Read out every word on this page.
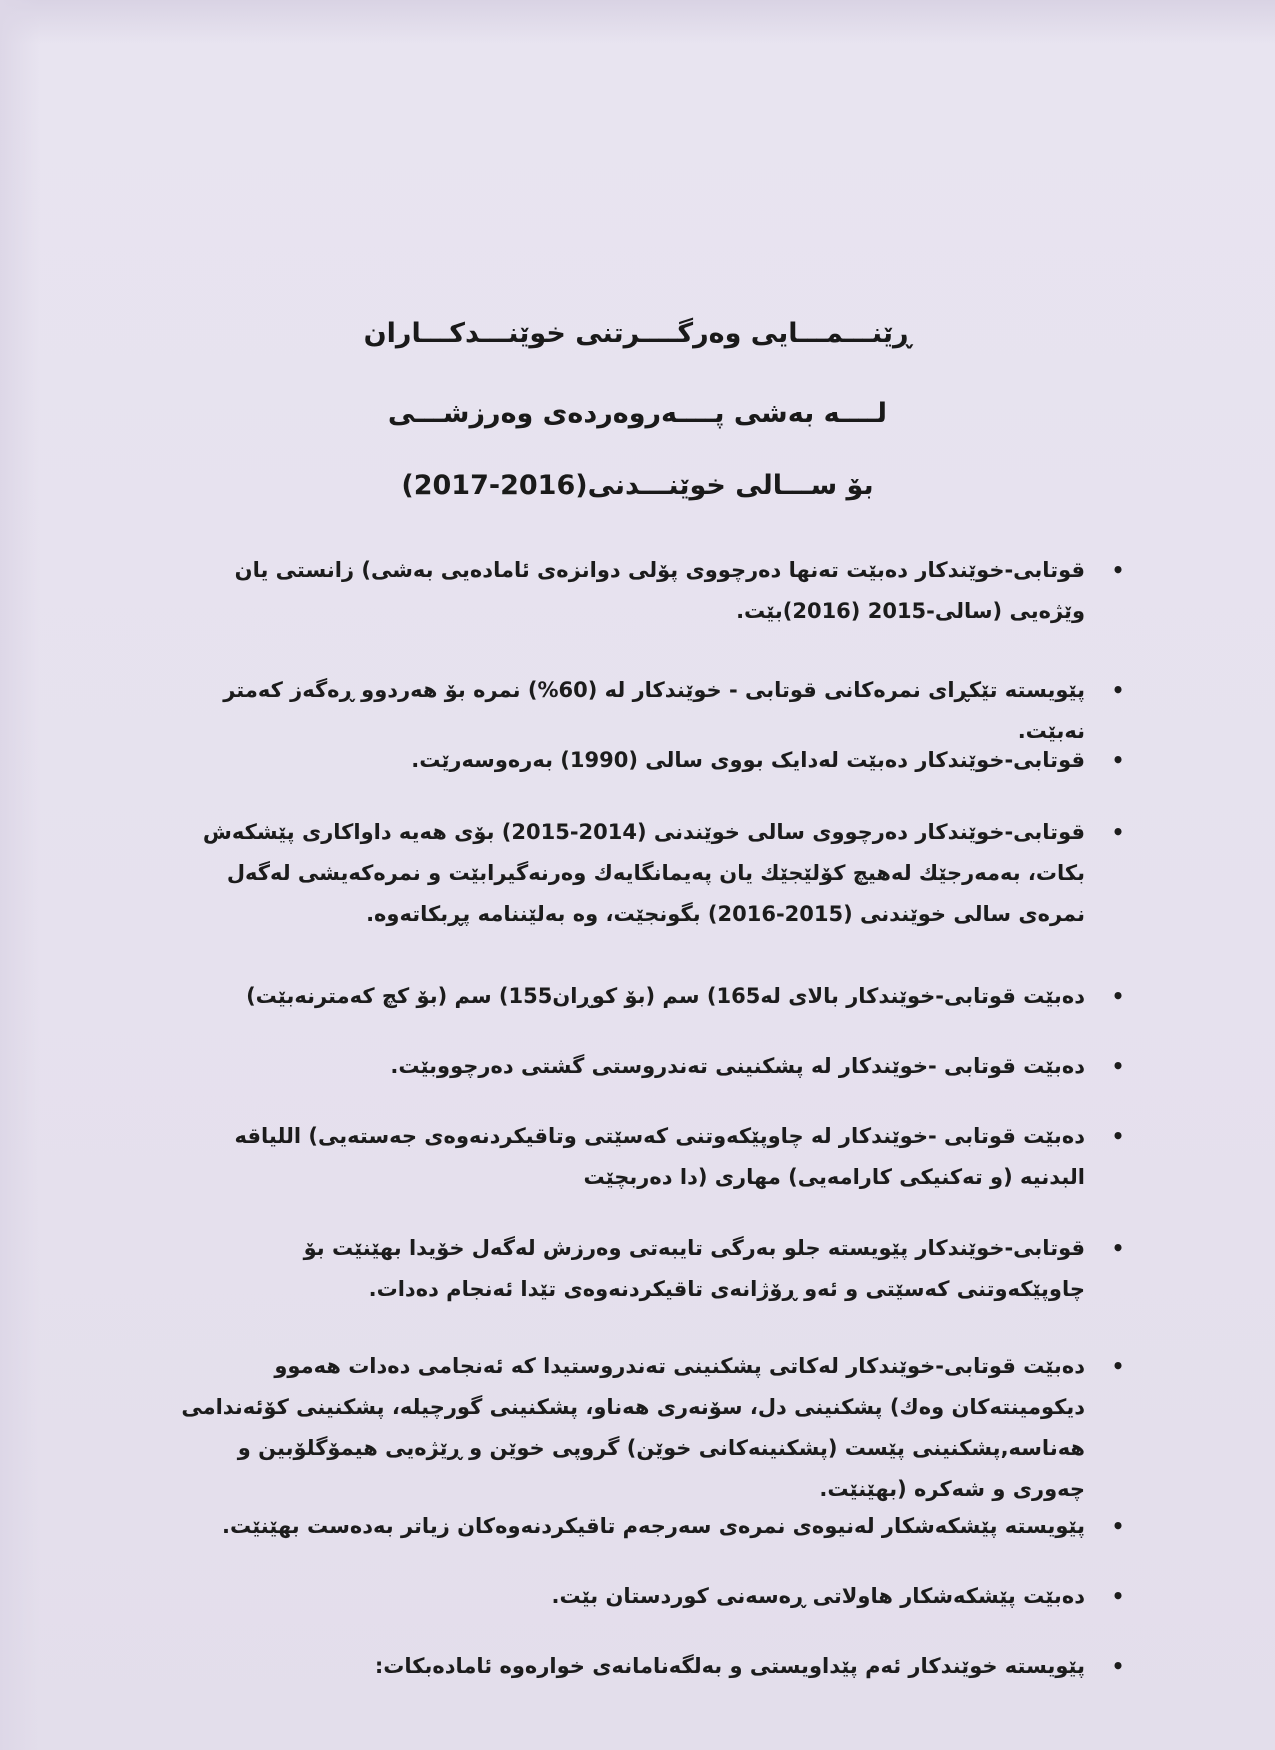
ڕێنـــمـــایی وەرگــــرتنی خوێنـــدکـــاران
لــــە بەشی پــــەروەردەی وەرزشـــی
بۆ ســـالی خوێنـــدنی(2016-2017)
•
قوتابی-خوێندکار دەبێت تەنها دەرچووی پۆلی دوانزەی ئامادەیی بەشی) زانستی یان وێژەیی (سالی-2015 (2016)بێت.
•
پێویستە تێکڕای نمرەکانی قوتابی - خوێندکار لە (60%) نمرە بۆ هەردوو ڕەگەز کەمتر نەبێت.
•
قوتابی-خوێندکار دەبێت لەدایک بووی سالی (1990) بەرەوسەرێت.
•
قوتابی-خوێندکار دەرچووی سالی خوێندنی (2014-2015) بۆی هەیە داواکاری پێشکەش بکات، بەمەرجێك لەهیچ کۆلێجێك یان پەیمانگایەك وەرنەگیرابێت و نمرەکەیشی لەگەل نمرەی سالی خوێندنی (2015-2016) بگونجێت، وە بەلێننامە پڕبکاتەوە.
•
دەبێت قوتابی-خوێندکار بالای لە165) سم (بۆ کوڕان155) سم (بۆ کچ کەمترنەبێت)
•
دەبێت قوتابی -خوێندکار لە پشکنینی تەندروستی گشتی دەرچووبێت.
•
دەبێت قوتابی -خوێندکار لە چاوپێکەوتنی کەسێتی وتاقیکردنەوەی جەستەیی) اللياقه البدنيه (و تەکنیکی کارامەیی) مهاری (دا دەربچێت
•
قوتابی-خوێندکار پێویستە جلو بەرگی تایبەتی وەرزش لەگەل خۆیدا بهێنێت بۆ چاوپێکەوتنی کەسێتی و ئەو ڕۆژانەی تاقیکردنەوەی تێدا ئەنجام دەدات.
•
دەبێت قوتابی-خوێندکار لەکاتی پشکنینی تەندروستیدا کە ئەنجامی دەدات هەموو دیکومینتەکان وەك) پشکنینی دل، سۆنەری هەناو، پشکنینی گورچیلە، پشکنینی کۆئەندامی هەناسە,پشکنینی پێست (پشکنینەکانی خوێن) گروپی خوێن و ڕێژەیی هیمۆگلۆبین و چەوری و شەکرە (بهێنێت.
•
پێویستە پێشکەشکار لەنیوەی نمرەی سەرجەم تاقیکردنەوەکان زیاتر بەدەست بهێنێت.
•
دەبێت پێشکەشکار هاولاتی ڕەسەنی کوردستان بێت.
•
پێویستە خوێندکار ئەم پێداویستی و بەلگەنامانەی خوارەوە ئامادەبکات:
